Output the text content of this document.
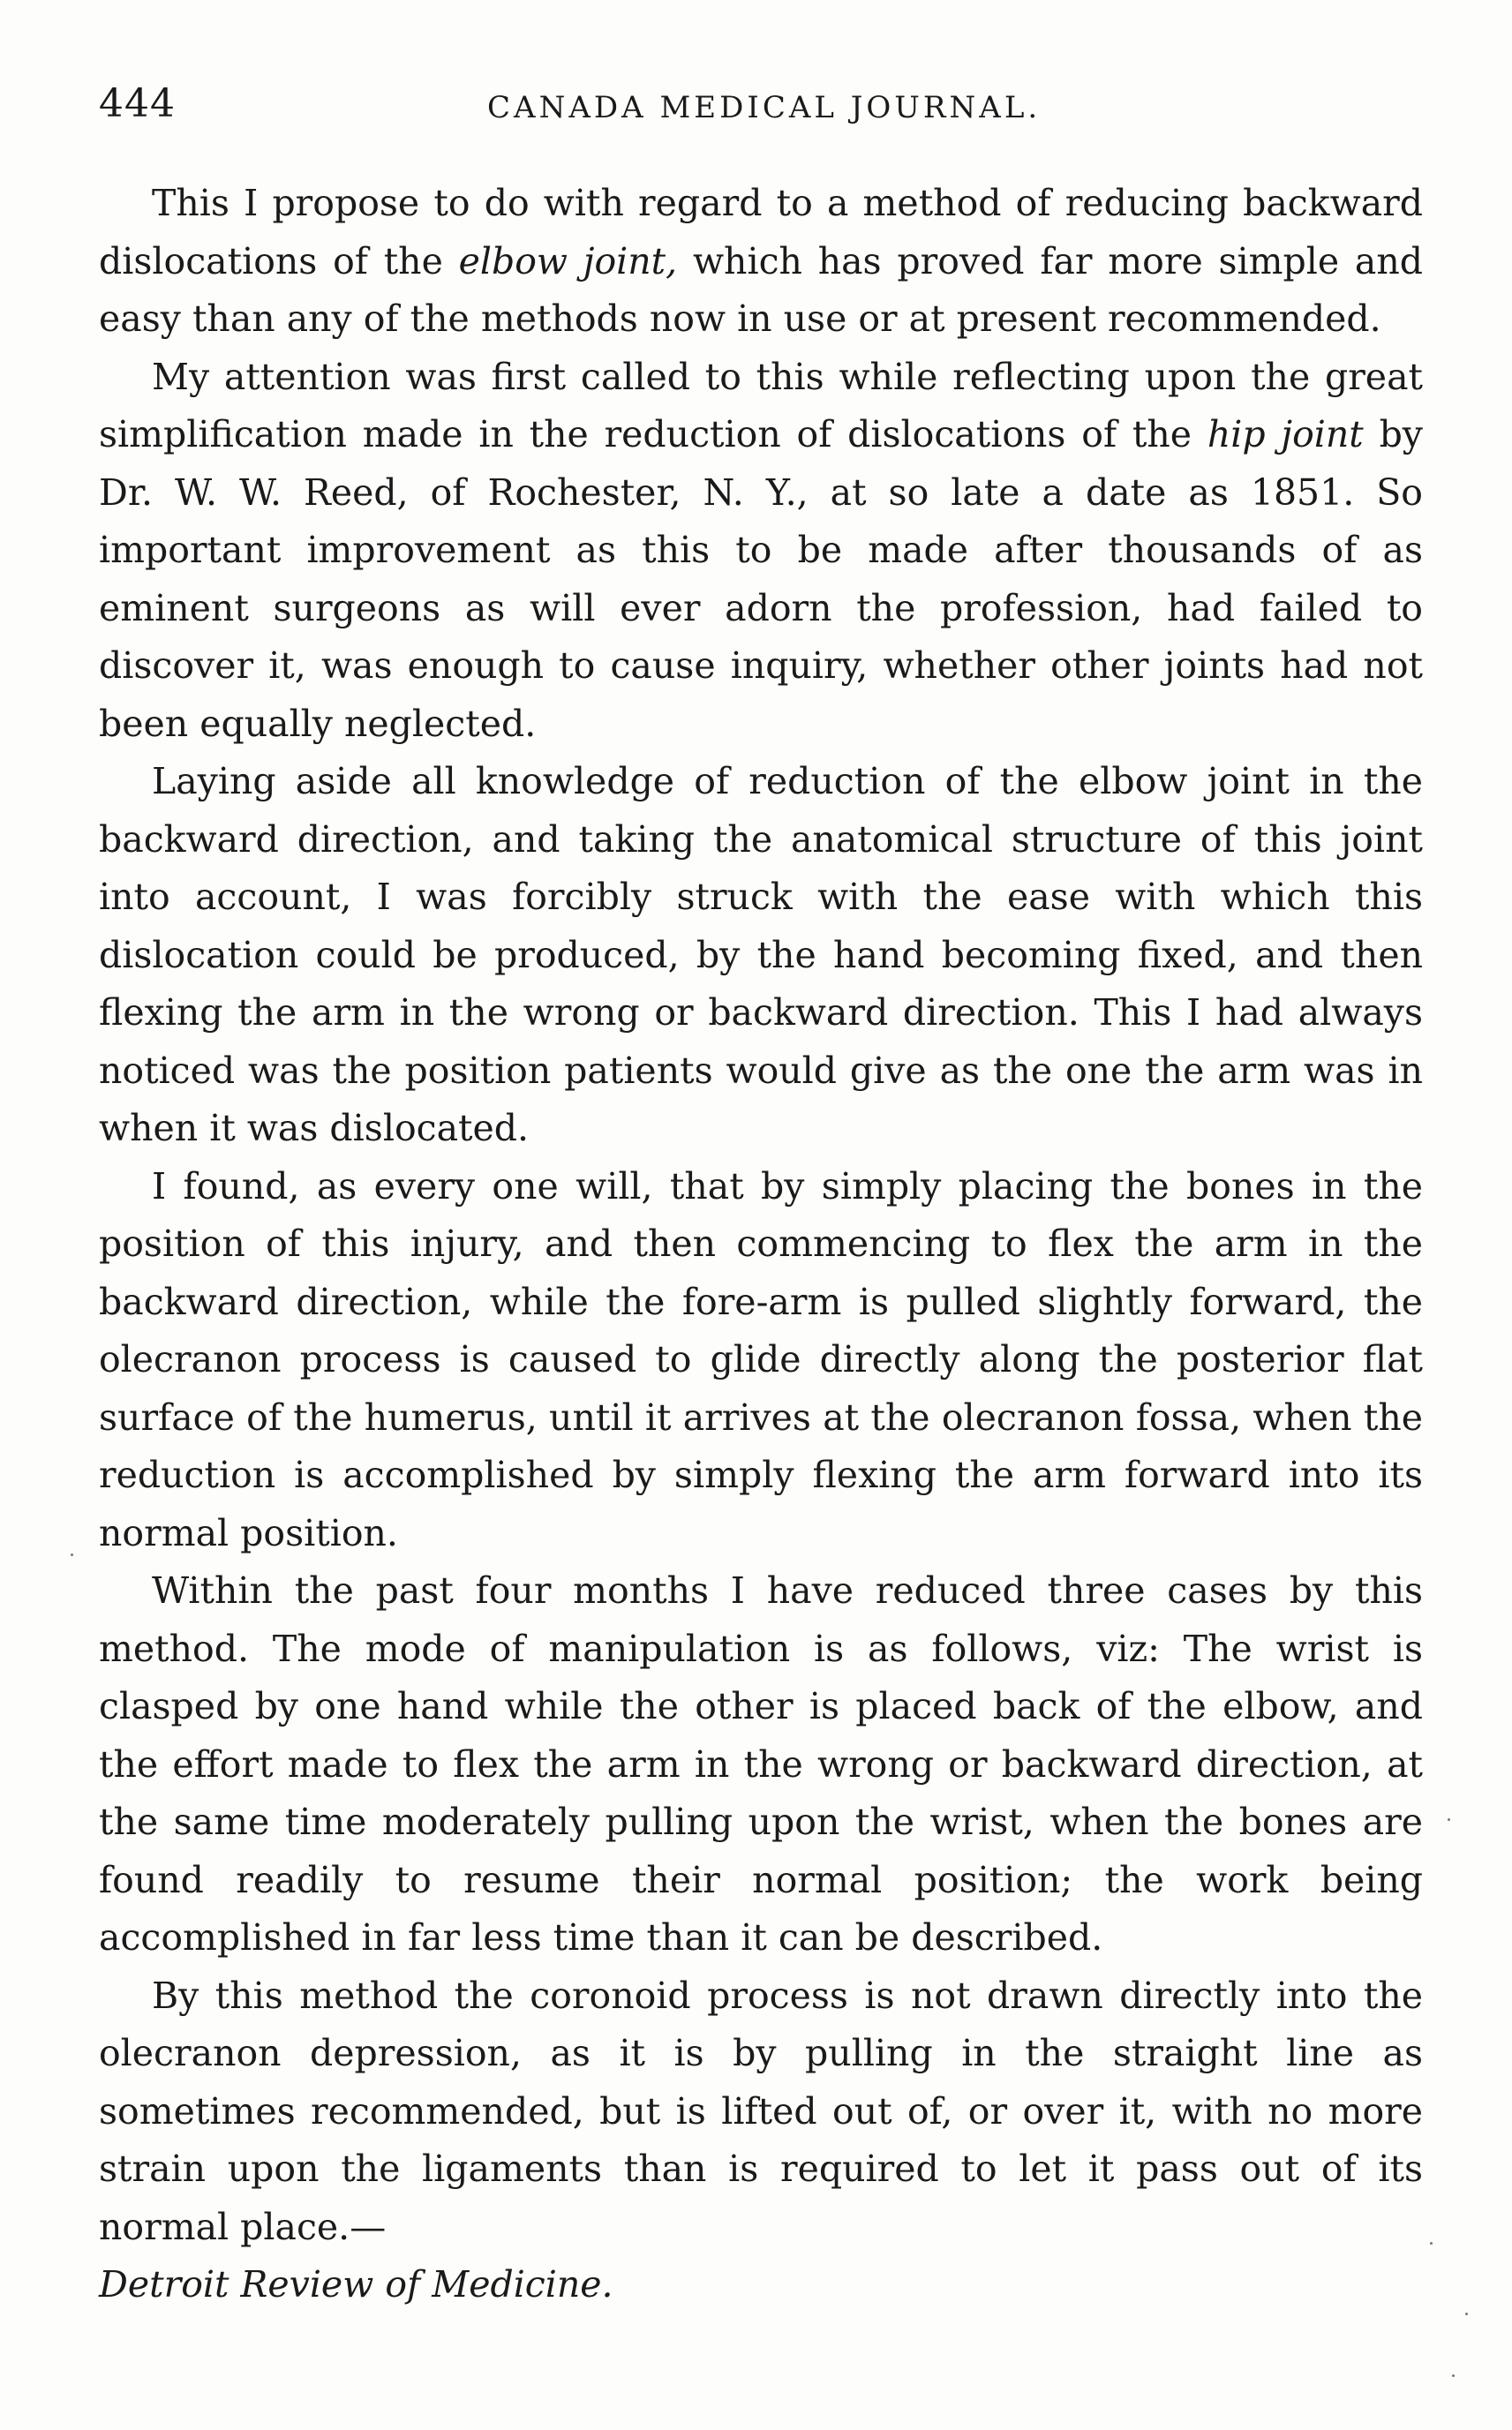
444	CANADA MEDICAL JOURNAL.

This I propose to do with regard to a method of reducing backward dislocations of the elbow joint, which has proved far more simple and easy than any of the methods now in use or at present recommended.

My attention was first called to this while reflecting upon the great simplification made in the reduction of dislocations of the hip joint by Dr. W. W. Reed, of Rochester, N. Y., at so late a date as 1851. So important improvement as this to be made after thousands of as eminent surgeons as will ever adorn the profession, had failed to discover it, was enough to cause inquiry, whether other joints had not been equally neglected.

Laying aside all knowledge of reduction of the elbow joint in the backward direction, and taking the anatomical structure of this joint into account, I was forcibly struck with the ease with which this dislocation could be produced, by the hand becoming fixed, and then flexing the arm in the wrong or backward direction. This I had always noticed was the position patients would give as the one the arm was in when it was dislocated.

I found, as every one will, that by simply placing the bones in the position of this injury, and then commencing to flex the arm in the backward direction, while the fore-arm is pulled slightly forward, the olecranon process is caused to glide directly along the posterior flat surface of the humerus, until it arrives at the olecranon fossa, when the reduction is accomplished by simply flexing the arm forward into its normal position.

Within the past four months I have reduced three cases by this method. The mode of manipulation is as follows, viz: The wrist is clasped by one hand while the other is placed back of the elbow, and the effort made to flex the arm in the wrong or backward direction, at the same time moderately pulling upon the wrist, when the bones are found readily to resume their normal position; the work being accomplished in far less time than it can be described.

By this method the coronoid process is not drawn directly into the olecranon depression, as it is by pulling in the straight line as sometimes recommended, but is lifted out of, or over it, with no more strain upon the ligaments than is required to let it pass out of its normal place.—

Detroit Review of Medicine.
